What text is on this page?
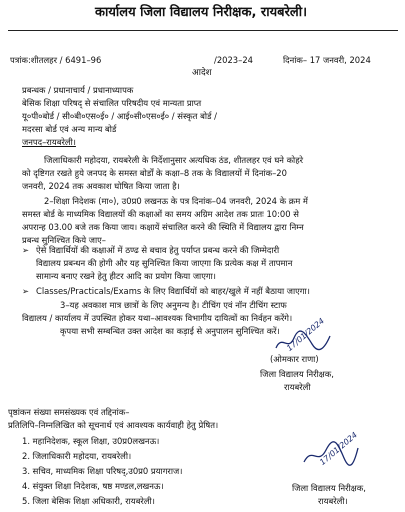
कार्यालय जिला विद्यालय निरीक्षक, रायबरेली।
पत्रांक:शीतलहर / 6491–96	/2023–24	दिनांक– 17 जनवरी, 2024
आदेश
प्रबन्धक / प्रधानाचार्य / प्रधानाध्यापक
बेसिक शिक्षा परिषद् से संचालित परिषदीय एवं मान्यता प्राप्त
यू०पी०बोर्ड / सी०बी०एस०ई० / आई०सी०एस०ई० / संस्कृत बोर्ड /
मदरसा बोर्ड एवं अन्य मान्य बोर्ड
जनपद–रायबरेली।
जिलाधिकारी महोदया, रायबरेली के निर्देशानुसार अत्यधिक ठंड, शीतलहर एवं घने कोहरे
को दृष्टिगत रखते हुये जनपद के समस्त बोर्डों के कक्षा–8 तक के विद्यालयों में दिनांक–20
जनवरी, 2024 तक अवकाश घोषित किया जाता है।
2–शिक्षा निदेशक (मा०), उ0प्र0 लखनऊ के पत्र दिनांक–04 जनवरी, 2024 के क्रम में
समस्त बोर्ड के माध्यमिक विद्यालयों की कक्षाओं का समय अग्रिम आदेश तक प्रातः 10:00 से
अपरान्ह 03.00 बजे तक किया जाय। कक्षायें संचालित करने की स्थिति में विद्यालय द्वारा निम्न
प्रबन्ध सुनिश्चित किये जाए–
➢ ऐसे विद्यार्थियों की कक्षाओं में ठण्ढ से बचाव हेतु पर्याप्त प्रबन्ध करने की जिम्मेदारी
विद्यालय प्रबन्धन की होगी और यह सुनिश्चित किया जाएगा कि प्रत्येक कक्ष में तापमान
सामान्य बनाए रखने हेतु हीटर आदि का प्रयोग किया जाएगा।
➢ Classes/Practicals/Exams के लिए विद्यार्थियों को बाहर/खुले में नहीं बैठाया जाएगा।
3–यह अवकाश मात्र छात्रों के लिए अनुमन्य है। टीचिंग एवं नॉन टीचिंग स्टाफ
विद्यालय / कार्यालय में उपस्थित होकर यथा–आवश्यक विभागीय दायित्वों का निर्वहन करेंगे।
कृपया सभी सम्बन्धित उक्त आदेश का कड़ाई से अनुपालन सुनिश्चित करें। 17/01/2024
(ओमकार राणा)
जिला विद्यालय निरीक्षक,
रायबरेली
पृष्ठांकन संख्या समसंख्यक एवं तद्दिनांक–
प्रतिलिपि–निम्नलिखित को सूचनार्थ एवं आवश्यक कार्यवाही हेतु प्रेषित।
1. महानिदेशक, स्कूल शिक्षा, उ0प्र0लखनऊ।
2. जिलाधिकारी महोदया, रायबरेली।
3. सचिव, माध्यमिक शिक्षा परिषद्,उ0प्र0 प्रयागराज।
4. संयुक्त शिक्षा निदेशक, षष्ठ मण्डल,लखनऊ।
5. जिला बेसिक शिक्षा अधिकारी, रायबरेली।
17/01/2024
जिला विद्यालय निरीक्षक,
रायबरेली।
